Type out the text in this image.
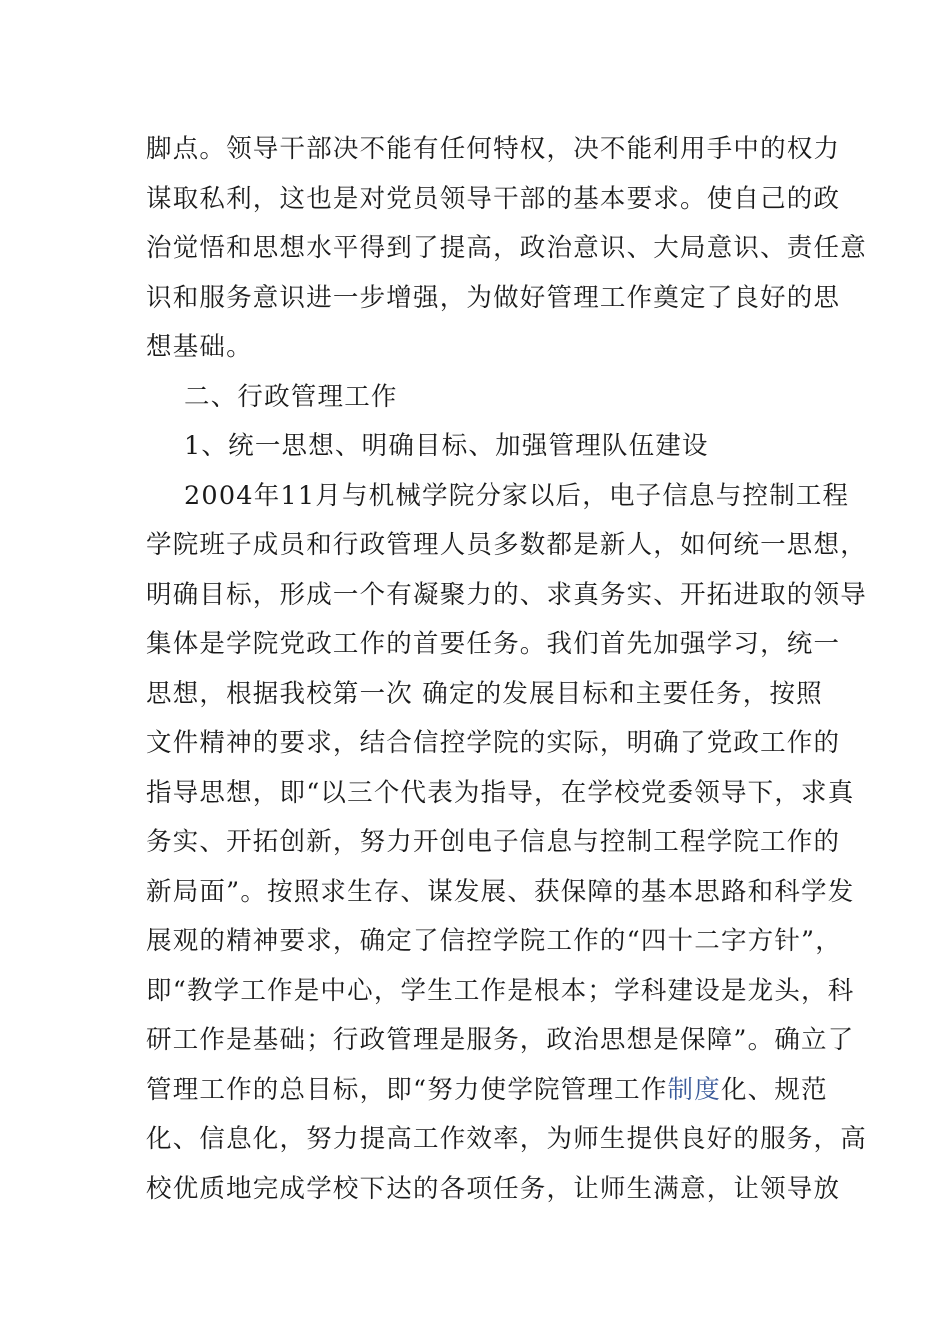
脚点。领导干部决不能有任何特权，决不能利用手中的权力
谋取私利，这也是对党员领导干部的基本要求。使自己的政
治觉悟和思想水平得到了提高，政治意识、大局意识、责任意
识和服务意识进一步增强，为做好管理工作奠定了良好的思
想基础。
二、行政管理工作
1、统一思想、明确目标、加强管理队伍建设
2004年11月与机械学院分家以后，电子信息与控制工程
学院班子成员和行政管理人员多数都是新人，如何统一思想，
明确目标，形成一个有凝聚力的、求真务实、开拓进取的领导
集体是学院党政工作的首要任务。我们首先加强学习，统一
思想，根据我校第一次 确定的发展目标和主要任务，按照
文件精神的要求，结合信控学院的实际，明确了党政工作的
指导思想，即“以三个代表为指导，在学校党委领导下，求真
务实、开拓创新，努力开创电子信息与控制工程学院工作的
新局面”。按照求生存、谋发展、获保障的基本思路和科学发
展观的精神要求，确定了信控学院工作的“四十二字方针”，
即“教学工作是中心，学生工作是根本；学科建设是龙头，科
研工作是基础；行政管理是服务，政治思想是保障”。确立了
管理工作的总目标，即“努力使学院管理工作制度化、规范
化、信息化，努力提高工作效率，为师生提供良好的服务，高
校优质地完成学校下达的各项任务，让师生满意，让领导放
